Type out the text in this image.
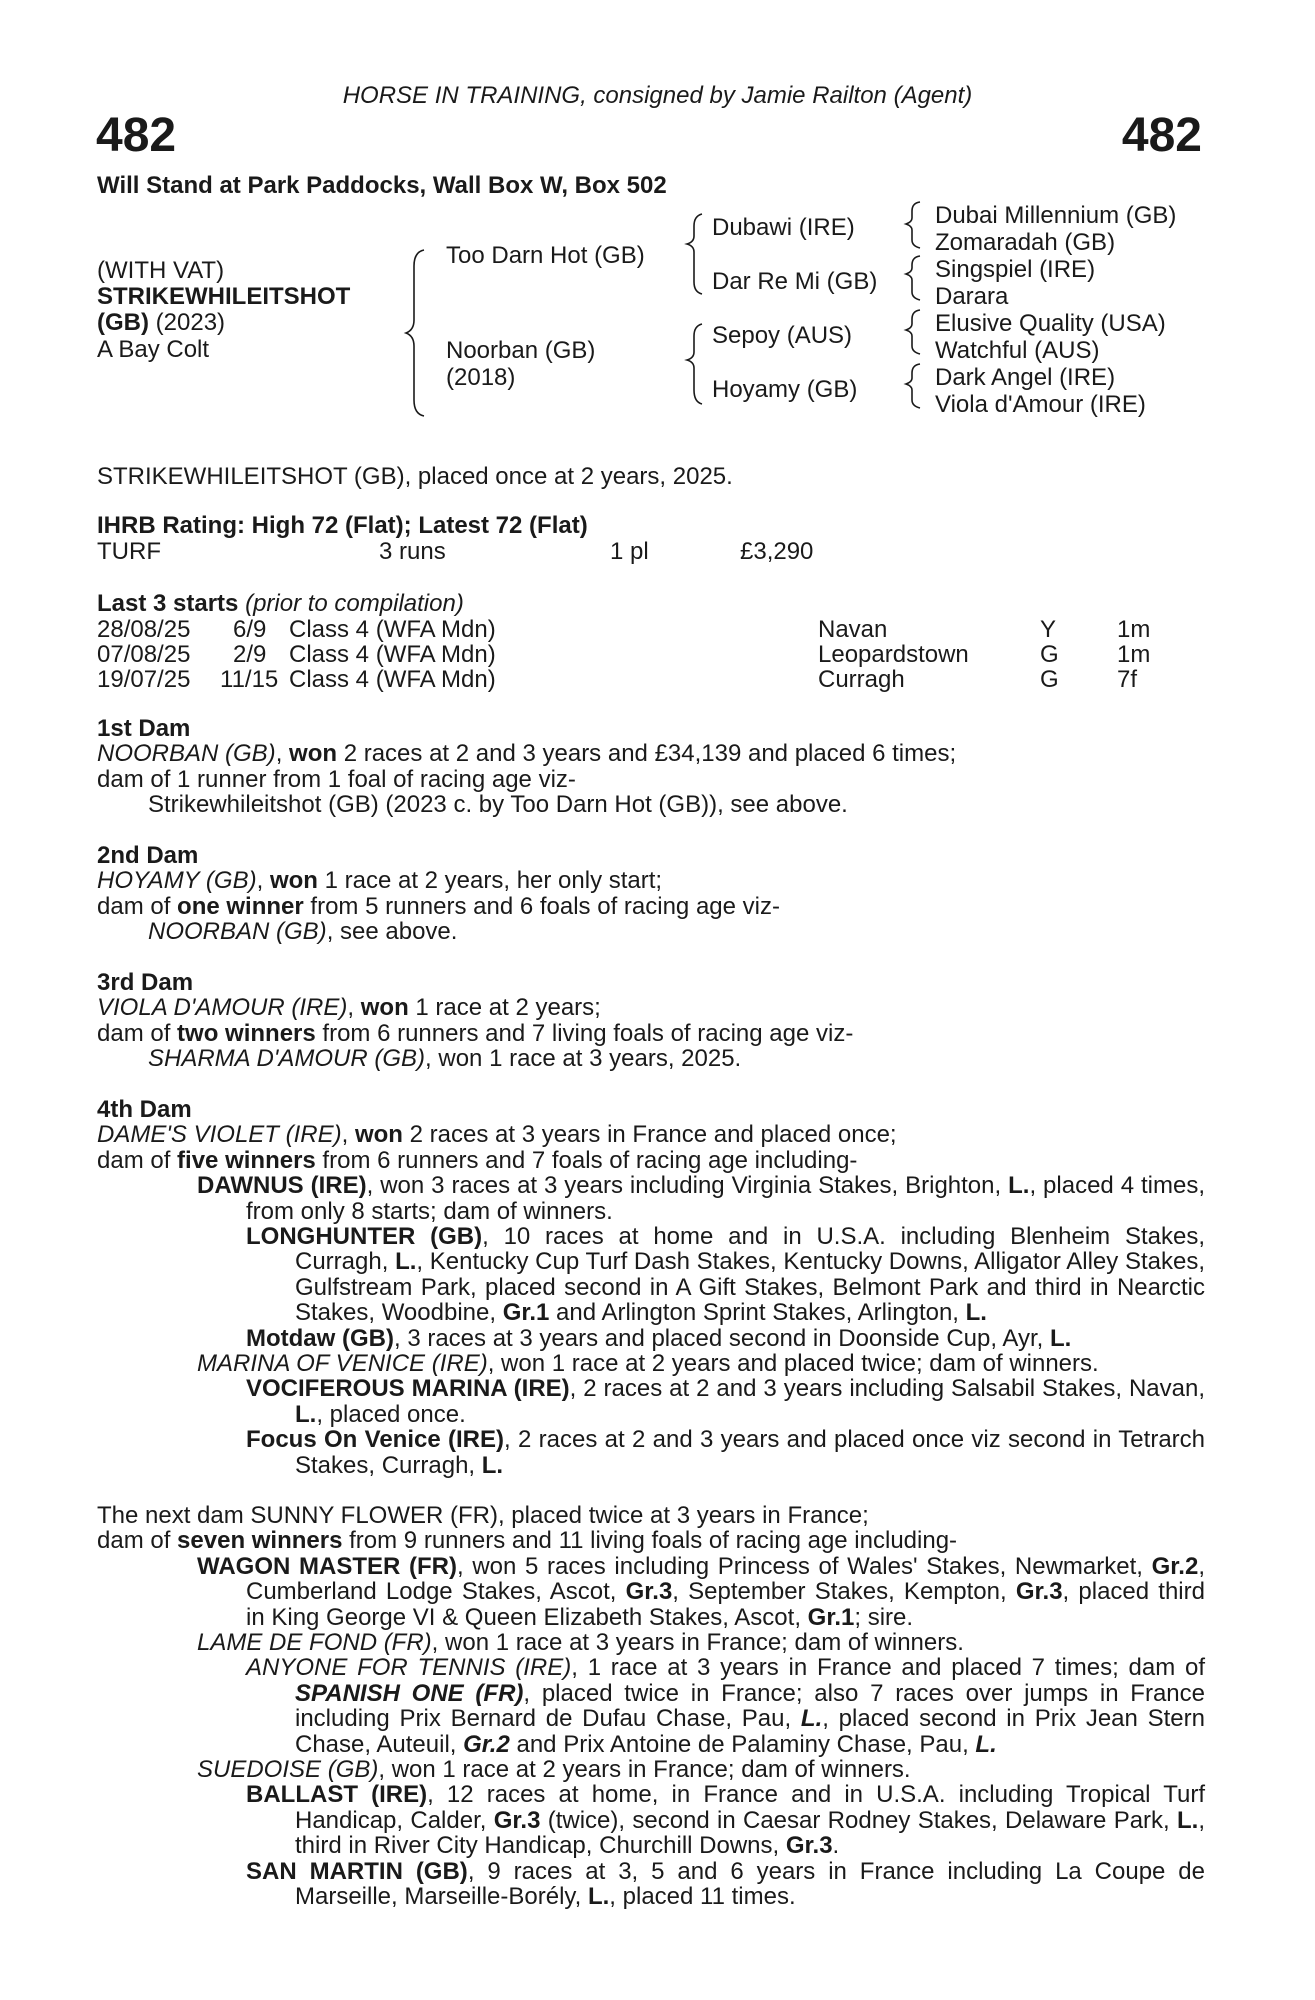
HORSE IN TRAINING, consigned by Jamie Railton (Agent)
482	482
Will Stand at Park Paddocks, Wall Box W, Box 502
(WITH VAT)
STRIKEWHILEITSHOT
(GB) (2023)
A Bay Colt
Too Darn Hot (GB)
Noorban (GB)
(2018)
Dubawi (IRE)
Dar Re Mi (GB)
Sepoy (AUS)
Hoyamy (GB)
Dubai Millennium (GB)
Zomaradah (GB)
Singspiel (IRE)
Darara
Elusive Quality (USA)
Watchful (AUS)
Dark Angel (IRE)
Viola d'Amour (IRE)
STRIKEWHILEITSHOT (GB), placed once at 2 years, 2025.
IHRB Rating: High 72 (Flat); Latest 72 (Flat)
TURF	3 runs	1 pl	£3,290
Last 3 starts (prior to compilation)
28/08/25 6/9 Class 4 (WFA Mdn)	Navan	Y	1m
07/08/25 2/9 Class 4 (WFA Mdn)	Leopardstown	G 1m
19/07/25 11/15 Class 4 (WFA Mdn)	Curragh	G 7f

1st Dam

NOORBAN (GB), won 2 races at 2 and 3 years and £34,139 and placed 6 times;

dam of 1 runner from 1 foal of racing age viz-

Strikewhileitshot (GB) (2023 c. by Too Darn Hot (GB)), see above.

2nd Dam

HOYAMY (GB), won 1 race at 2 years, her only start;

dam of one winner from 5 runners and 6 foals of racing age viz-

NOORBAN (GB), see above.

3rd Dam

VIOLA D'AMOUR (IRE), won 1 race at 2 years;

dam of two winners from 6 runners and 7 living foals of racing age viz-

SHARMA D'AMOUR (GB), won 1 race at 3 years, 2025.

4th Dam

DAME'S VIOLET (IRE), won 2 races at 3 years in France and placed once;

dam of five winners from 6 runners and 7 foals of racing age including-

DAWNUS (IRE), won 3 races at 3 years including Virginia Stakes, Brighton, L., placed 4 times, from only 8 starts; dam of winners.

LONGHUNTER (GB), 10 races at home and in U.S.A. including Blenheim Stakes, Curragh, L., Kentucky Cup Turf Dash Stakes, Kentucky Downs, Alligator Alley Stakes, Gulfstream Park, placed second in A Gift Stakes, Belmont Park and third in Nearctic Stakes, Woodbine, Gr.1 and Arlington Sprint Stakes, Arlington, L.

Motdaw (GB), 3 races at 3 years and placed second in Doonside Cup, Ayr, L.

MARINA OF VENICE (IRE), won 1 race at 2 years and placed twice; dam of winners.

VOCIFEROUS MARINA (IRE), 2 races at 2 and 3 years including Salsabil Stakes, Navan, L., placed once.

Focus On Venice (IRE), 2 races at 2 and 3 years and placed once viz second in Tetrarch Stakes, Curragh, L.

The next dam SUNNY FLOWER (FR), placed twice at 3 years in France;

dam of seven winners from 9 runners and 11 living foals of racing age including-

WAGON MASTER (FR), won 5 races including Princess of Wales' Stakes, Newmarket, Gr.2, Cumberland Lodge Stakes, Ascot, Gr.3, September Stakes, Kempton, Gr.3, placed third in King George VI & Queen Elizabeth Stakes, Ascot, Gr.1; sire.

LAME DE FOND (FR), won 1 race at 3 years in France; dam of winners.

ANYONE FOR TENNIS (IRE), 1 race at 3 years in France and placed 7 times; dam of SPANISH ONE (FR), placed twice in France; also 7 races over jumps in France including Prix Bernard de Dufau Chase, Pau, L., placed second in Prix Jean Stern Chase, Auteuil, Gr.2 and Prix Antoine de Palaminy Chase, Pau, L.

SUEDOISE (GB), won 1 race at 2 years in France; dam of winners.

BALLAST (IRE), 12 races at home, in France and in U.S.A. including Tropical Turf Handicap, Calder, Gr.3 (twice), second in Caesar Rodney Stakes, Delaware Park, L., third in River City Handicap, Churchill Downs, Gr.3.

SAN MARTIN (GB), 9 races at 3, 5 and 6 years in France including La Coupe de Marseille, Marseille-Borély, L., placed 11 times.
